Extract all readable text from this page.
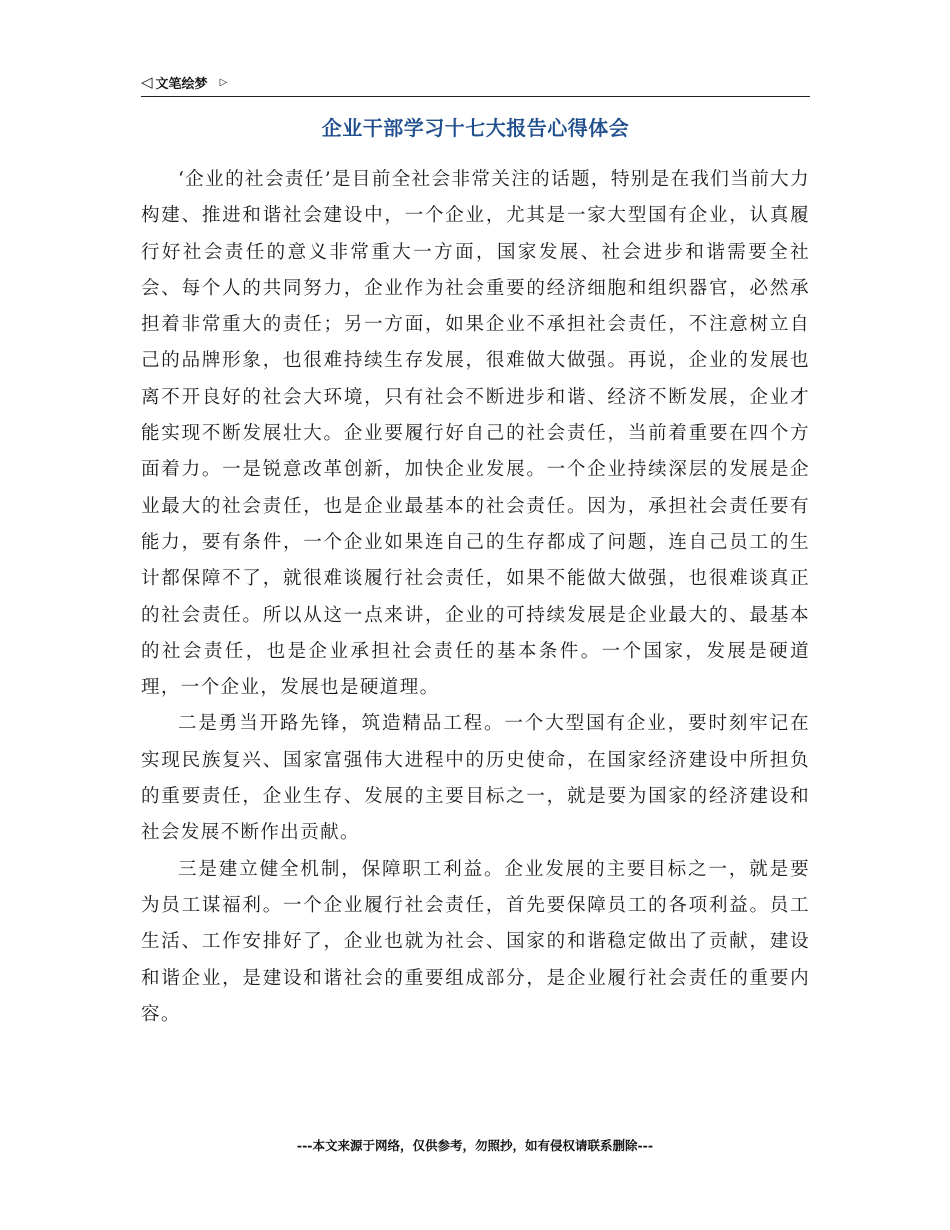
◁ 文笔绘梦 ▷
企业干部学习十七大报告心得体会

‘企业的社会责任’是目前全社会非常关注的话题，特别是在我们当前大力构建、推进和谐社会建设中，一个企业，尤其是一家大型国有企业，认真履行好社会责任的意义非常重大一方面，国家发展、社会进步和谐需要全社会、每个人的共同努力，企业作为社会重要的经济细胞和组织器官，必然承担着非常重大的责任；另一方面，如果企业不承担社会责任，不注意树立自己的品牌形象，也很难持续生存发展，很难做大做强。再说，企业的发展也离不开良好的社会大环境，只有社会不断进步和谐、经济不断发展，企业才能实现不断发展壮大。企业要履行好自己的社会责任，当前着重要在四个方面着力。一是锐意改革创新，加快企业发展。一个企业持续深层的发展是企业最大的社会责任，也是企业最基本的社会责任。因为，承担社会责任要有能力，要有条件，一个企业如果连自己的生存都成了问题，连自己员工的生计都保障不了，就很难谈履行社会责任，如果不能做大做强，也很难谈真正的社会责任。所以从这一点来讲，企业的可持续发展是企业最大的、最基本的社会责任，也是企业承担社会责任的基本条件。一个国家，发展是硬道理，一个企业，发展也是硬道理。

二是勇当开路先锋，筑造精品工程。一个大型国有企业，要时刻牢记在实现民族复兴、国家富强伟大进程中的历史使命，在国家经济建设中所担负的重要责任，企业生存、发展的主要目标之一，就是要为国家的经济建设和社会发展不断作出贡献。

三是建立健全机制，保障职工利益。企业发展的主要目标之一，就是要为员工谋福利。一个企业履行社会责任，首先要保障员工的各项利益。员工生活、工作安排好了，企业也就为社会、国家的和谐稳定做出了贡献，建设和谐企业，是建设和谐社会的重要组成部分，是企业履行社会责任的重要内容。

---本文来源于网络，仅供参考，勿照抄，如有侵权请联系删除---
